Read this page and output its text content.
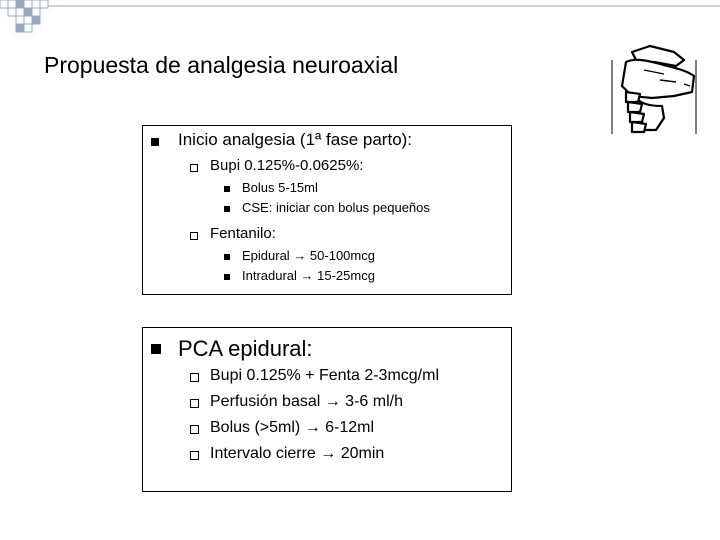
Propuesta de analgesia neuroaxial
Inicio analgesia (1ª fase parto):
Bupi 0.125%-0.0625%:
Bolus 5-15ml
CSE: iniciar con bolus pequeños
Fentanilo:
Epidural → 50-100mcg
Intradural → 15-25mcg
PCA epidural:
Bupi 0.125% + Fenta 2-3mcg/ml
Perfusión basal → 3-6 ml/h
Bolus (>5ml) → 6-12ml
Intervalo cierre → 20min
